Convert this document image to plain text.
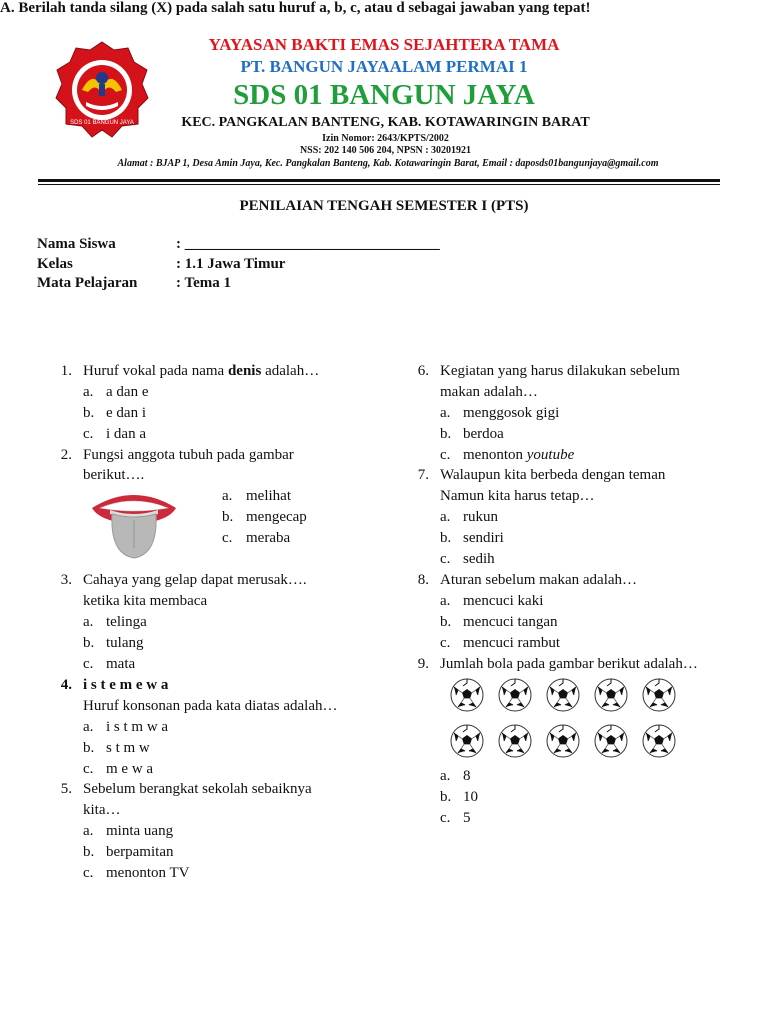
SDS 01 BANGUN JAYA
SDS 01 BANGUN JAYA
YAYASAN BAKTI EMAS SEJAHTERA TAMA
PT. BANGUN JAYAALAM PERMAI 1
SDS 01 BANGUN JAYA
KEC. PANGKALAN BANTENG, KAB. KOTAWARINGIN BARAT
Izin Nomor: 2643/KPTS/2002
NSS: 202 140 506 204, NPSN : 30201921
Alamat : BJAP 1, Desa Amin Jaya, Kec. Pangkalan Banteng, Kab. Kotawaringin Barat, Email : daposds01bangunjaya@gmail.com
PENILAIAN TENGAH SEMESTER I (PTS)
Nama Siswa	: __________________________________
Kelas	: 1.1 Jawa Timur
Mata Pelajaran	: Tema 1
A. Berilah tanda silang (X) pada salah satu huruf a, b, c, atau d sebagai jawaban yang tepat!
1. Huruf vokal pada nama denis adalah…
a. a dan e
b. e dan i
c. i dan a
2. Fungsi anggota tubuh pada gambar
berikut….
a. melihat
b. mengecap
c. meraba
3. Cahaya yang gelap dapat merusak….
ketika kita membaca
a. telinga
b. tulang
c. mata
4. i s t e m e w a
Huruf konsonan pada kata diatas adalah…
a. i s t m w a
b. s t m w
c. m e w a
5. Sebelum berangkat sekolah sebaiknya
kita…
a. minta uang
b. berpamitan
c. menonton TV
6. Kegiatan yang harus dilakukan sebelum
makan adalah…
a. menggosok gigi
b. berdoa
c. menonton youtube
7. Walaupun kita berbeda dengan teman
Namun kita harus tetap…
a. rukun
b. sendiri
c. sedih
8. Aturan sebelum makan adalah…
a. mencuci kaki
b. mencuci tangan
c. mencuci rambut
9. Jumlah bola pada gambar berikut adalah…
a. 8
b. 10
c. 5
